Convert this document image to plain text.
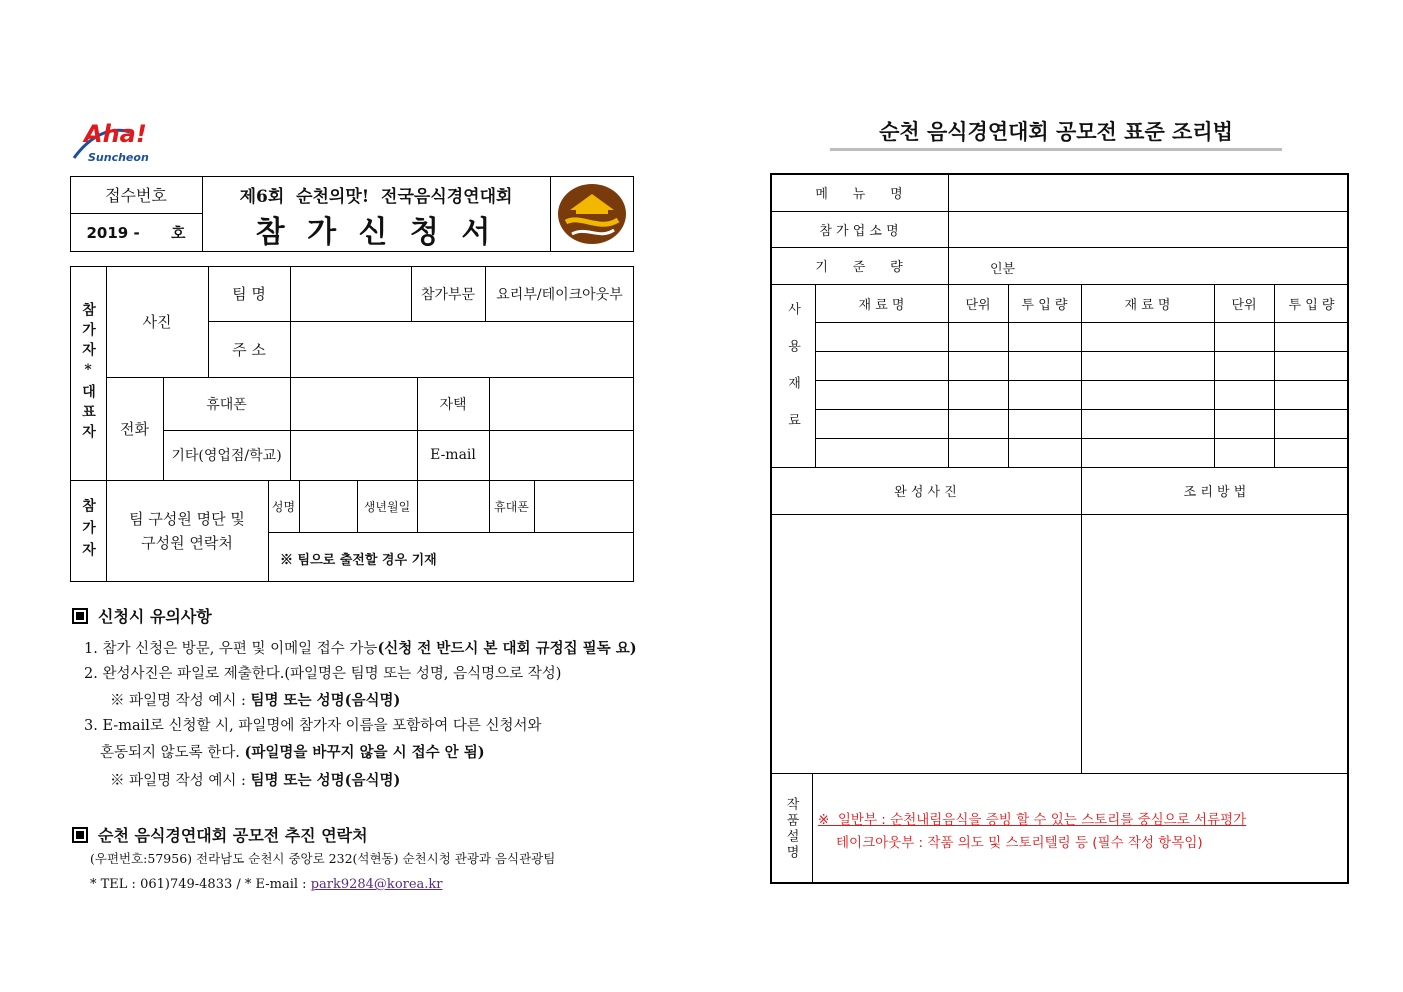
Aha!
Suncheon
접수번호
2019 -      호
제6회  순천의맛!  전국음식경연대회
참 가 신 청 서
참가자*대표자	사진
팀 명	참가부문	요리부/테이크아웃부
주 소
전화
휴대폰	자택
기타(영업점/학교)	E-mail
참가자 팀 구성원 명단 및
구성원 연락처
성명	생년월일	휴대폰
※ 팀으로 출전할 경우 기재
신청시 유의사항
1. 참가 신청은 방문, 우편 및 이메일 접수 가능(신청 전 반드시 본 대회 규정집 필독 요)
2. 완성사진은 파일로 제출한다.(파일명은 팀명 또는 성명, 음식명으로 작성)
※ 파일명 작성 예시 : 팀명 또는 성명(음식명)
3. E-mail로 신청할 시, 파일명에 참가자 이름을 포함하여 다른 신청서와
혼동되지 않도록 한다. (파일명을 바꾸지 않을 시 접수 안 됨)
※ 파일명 작성 예시 : 팀명 또는 성명(음식명)
순천 음식경연대회 공모전 추진 연락처
(우편번호:57956) 전라남도 순천시 중앙로 232(석현동) 순천시청 관광과 음식관광팀
* TEL : 061)749-4833 / * E-mail : park9284@korea.kr
순천 음식경연대회 공모전 표준 조리법
메      뉴      명
참 가 업 소 명
기      준      량	인분
사용재료	재 료 명	단위	투 입 량	재 료 명	단위	투 입 량
완 성 사 진	조 리 방 법
작품설명 ※  일반부 : 순천내림음식을 증빙 할 수 있는 스토리를 중심으로 서류평가
테이크아웃부 : 작품 의도 및 스토리텔링 등 (필수 작성 항목임)
